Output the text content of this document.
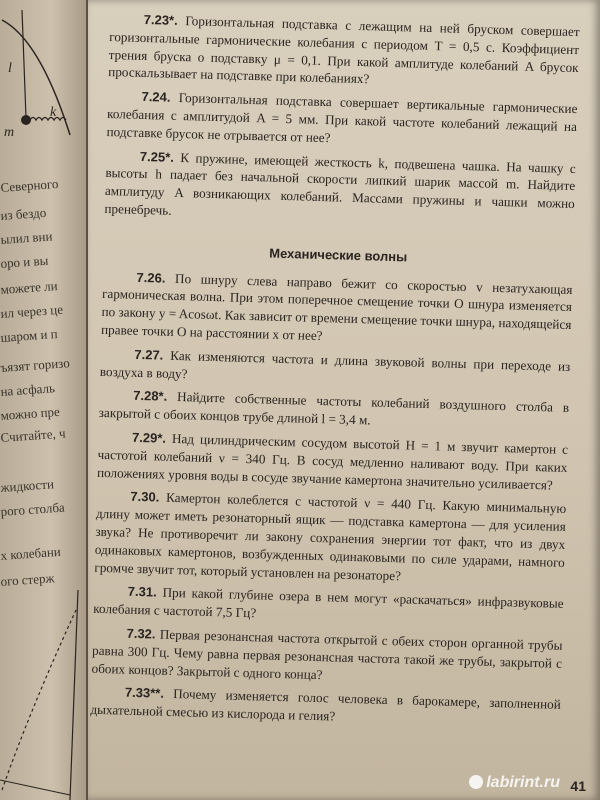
l
m
k
Северного
из бездо
ылил вни
оро и вы
можете ли
ил через це
шаром и п
ъязят горизо
на асфаль
можно пре
Считайте, ч
жидкости
рого столба
х колебани
ого стерж
7.23*. Горизонтальная подставка с лежащим на ней бруском совершает горизонтальные гармонические колебания с периодом T = 0,5 с. Коэффициент трения бруска о подставку μ = 0,1. При какой амплитуде колебаний A брусок проскальзывает на подставке при колебаниях?
7.24. Горизонтальная подставка совершает вертикальные гармонические колебания с амплитудой A = 5 мм. При какой частоте колебаний лежащий на подставке брусок не отрывается от нее?
7.25*. К пружине, имеющей жесткость k, подвешена чашка. На чашку с высоты h падает без начальной скорости липкий шарик массой m. Найдите амплитуду A возникающих колебаний. Массами пружины и чашки можно пренебречь.
Механические волны
7.26. По шнуру слева направо бежит со скоростью v незатухающая гармоническая волна. При этом поперечное смещение точки O шнура изменяется по закону y = Acosωt. Как зависит от времени смещение точки шнура, находящейся правее точки O на расстоянии x от нее?
7.27. Как изменяются частота и длина звуковой волны при переходе из воздуха в воду?
7.28*. Найдите собственные частоты колебаний воздушного столба в закрытой с обоих концов трубе длиной l = 3,4 м.
7.29*. Над цилиндрическим сосудом высотой H = 1 м звучит камертон с частотой колебаний ν = 340 Гц. В сосуд медленно наливают воду. При каких положениях уровня воды в сосуде звучание камертона значительно усиливается?
7.30. Камертон колеблется с частотой ν = 440 Гц. Какую минимальную длину может иметь резонаторный ящик — подставка камертона — для усиления звука? Не противоречит ли закону сохранения энергии тот факт, что из двух одинаковых камертонов, возбужденных одинаковыми по силе ударами, намного громче звучит тот, который установлен на резонаторе?
7.31. При какой глубине озера в нем могут «раскачаться» инфразвуковые колебания с частотой 7,5 Гц?
7.32. Первая резонансная частота открытой с обеих сторон органной трубы равна 300 Гц. Чему равна первая резонансная частота такой же трубы, закрытой с обоих концов? Закрытой с одного конца?
7.33**. Почему изменяется голос человека в барокамере, заполненной дыхательной смесью из кислорода и гелия?
labirint.ru 41
